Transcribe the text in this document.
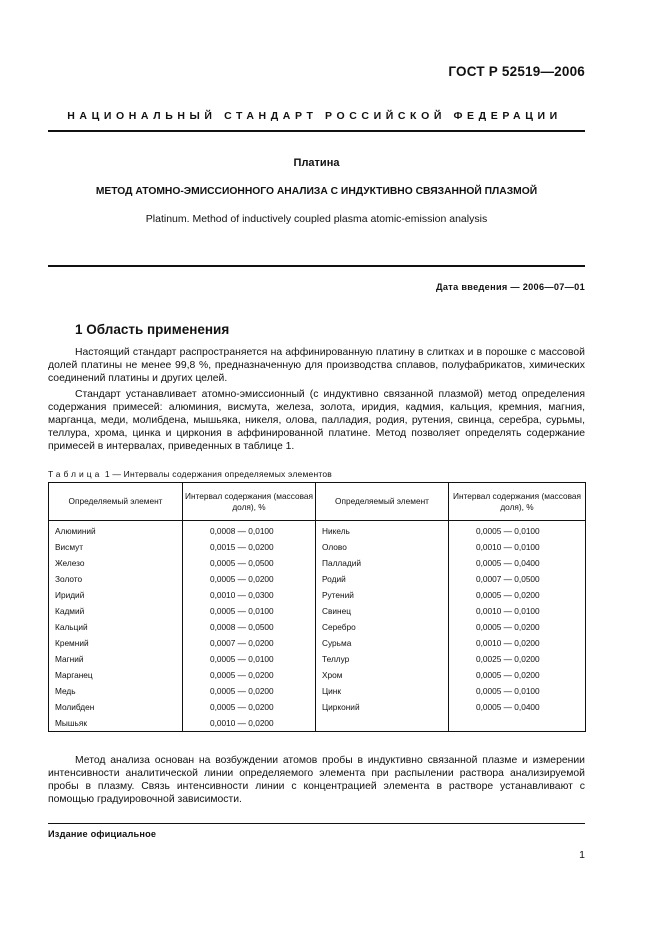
ГОСТ Р 52519—2006
НАЦИОНАЛЬНЫЙ СТАНДАРТ РОССИЙСКОЙ ФЕДЕРАЦИИ
Платина
МЕТОД АТОМНО-ЭМИССИОННОГО АНАЛИЗА С ИНДУКТИВНО СВЯЗАННОЙ ПЛАЗМОЙ
Platinum. Method of inductively coupled plasma atomic-emission analysis
Дата введения — 2006—07—01
1 Область применения

Настоящий стандарт распространяется на аффинированную платину в слитках и в порошке с массовой долей платины не менее 99,8 %, предназначенную для производства сплавов, полуфабрикатов, химических соединений платины и других целей.

Стандарт устанавливает атомно-эмиссионный (с индуктивно связанной плазмой) метод определения содержания примесей: алюминия, висмута, железа, золота, иридия, кадмия, кальция, кремния, магния, марганца, меди, молибдена, мышьяка, никеля, олова, палладия, родия, рутения, свинца, серебра, сурьмы, теллура, хрома, цинка и циркония в аффинированной платине. Метод позволяет определять содержание примесей в интервалах, приведенных в таблице 1.

Таблица 1 — Интервалы содержания определяемых элементов
Определяемый элемент	Интервал содержания (массовая доля), %	Определяемый элемент	Интервал содержания (массовая доля), %
Алюминий	0,0008 — 0,0100	Никель	0,0005 — 0,0100
Висмут	0,0015 — 0,0200	Олово	0,0010 — 0,0100
Железо	0,0005 — 0,0500	Палладий	0,0005 — 0,0400
Золото	0,0005 — 0,0200	Родий	0,0007 — 0,0500
Иридий	0,0010 — 0,0300	Рутений	0,0005 — 0,0200
Кадмий	0,0005 — 0,0100	Свинец	0,0010 — 0,0100
Кальций	0,0008 — 0,0500	Серебро	0,0005 — 0,0200
Кремний	0,0007 — 0,0200	Сурьма	0,0010 — 0,0200
Магний	0,0005 — 0,0100	Теллур	0,0025 — 0,0200
Марганец	0,0005 — 0,0200	Хром	0,0005 — 0,0200
Медь	0,0005 — 0,0200	Цинк	0,0005 — 0,0100
Молибден	0,0005 — 0,0200	Цирконий	0,0005 — 0,0400
Мышьяк	0,0010 — 0,0200		

Метод анализа основан на возбуждении атомов пробы в индуктивно связанной плазме и измерении интенсивности аналитической линии определяемого элемента при распылении раствора анализируемой пробы в плазму. Связь интенсивности линии с концентрацией элемента в растворе устанавливают с помощью градуировочной зависимости.

Издание официальное
1
